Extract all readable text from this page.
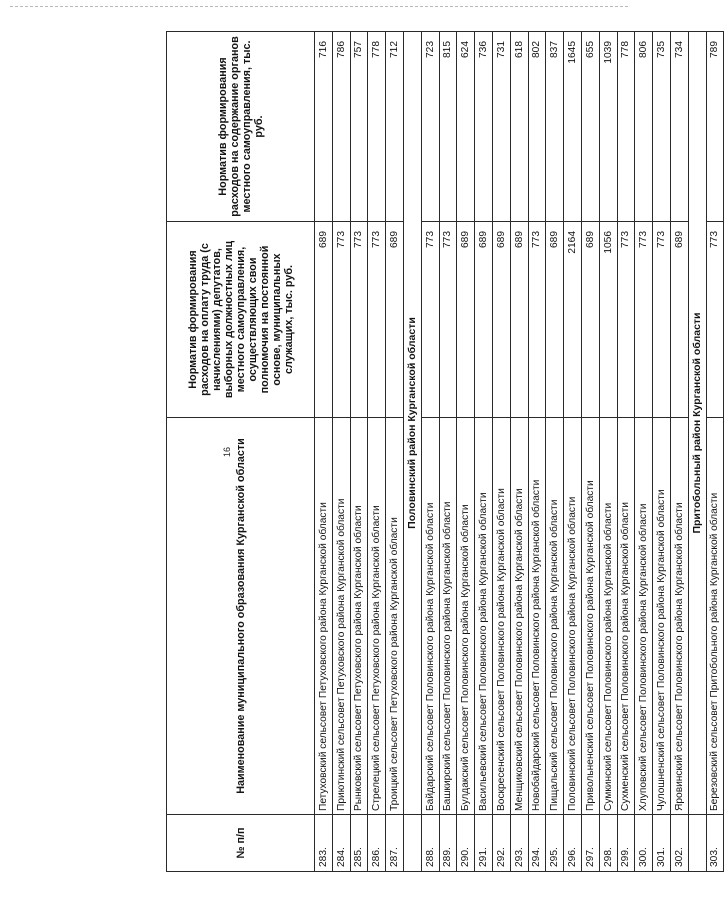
16
№ п/п	Наименование муниципального образования Курганской области	Норматив формирования расходов на оплату труда (с начислениями) депутатов, выборных должностных лиц местного самоуправления, осуществляющих свои полномочия на постоянной основе, муниципальных служащих, тыс. руб.	Норматив формирования расходов на содержание органов местного самоуправления, тыс. руб.
283.	Петуховский сельсовет Петуховского района Курганской области	689	716
284.	Приютинский сельсовет Петуховского района Курганской области	773	786
285.	Рынковский сельсовет Петуховского района Курганской области	773	757
286.	Стрелецкий сельсовет Петуховского района Курганской области	773	778
287.	Троицкий сельсовет Петуховского района Курганской области	689	712
	Половинский район Курганской области		
288.	Байдарский сельсовет Половинского района Курганской области	773	723
289.	Башкирский сельсовет Половинского района Курганской области	773	815
290.	Булдакский сельсовет Половинского района Курганской области	689	624
291.	Васильевский сельсовет Половинского района Курганской области	689	736
292.	Воскресенский сельсовет Половинского района Курганской области	689	731
293.	Менщиковский сельсовет Половинского района Курганской области	689	618
294.	Новобайдарский сельсовет Половинского района Курганской области	773	802
295.	Пищальский сельсовет Половинского района Курганской области	689	837
296.	Половинский сельсовет Половинского района Курганской области	2164	1645
297.	Привольненский сельсовет Половинского района Курганской области	689	655
298.	Сумкинский сельсовет Половинского района Курганской области	1056	1039
299.	Сухменский сельсовет Половинского района Курганской области	773	778
300.	Хлуповский сельсовет Половинского района Курганской области	773	806
301.	Чулошненский сельсовет Половинского района Курганской области	773	735
302.	Яровинский сельсовет Половинского района Курганской области	689	734
	Притобольный район Курганской области		
303.	Березовский сельсовет Притобольного района Курганской области	773	789
